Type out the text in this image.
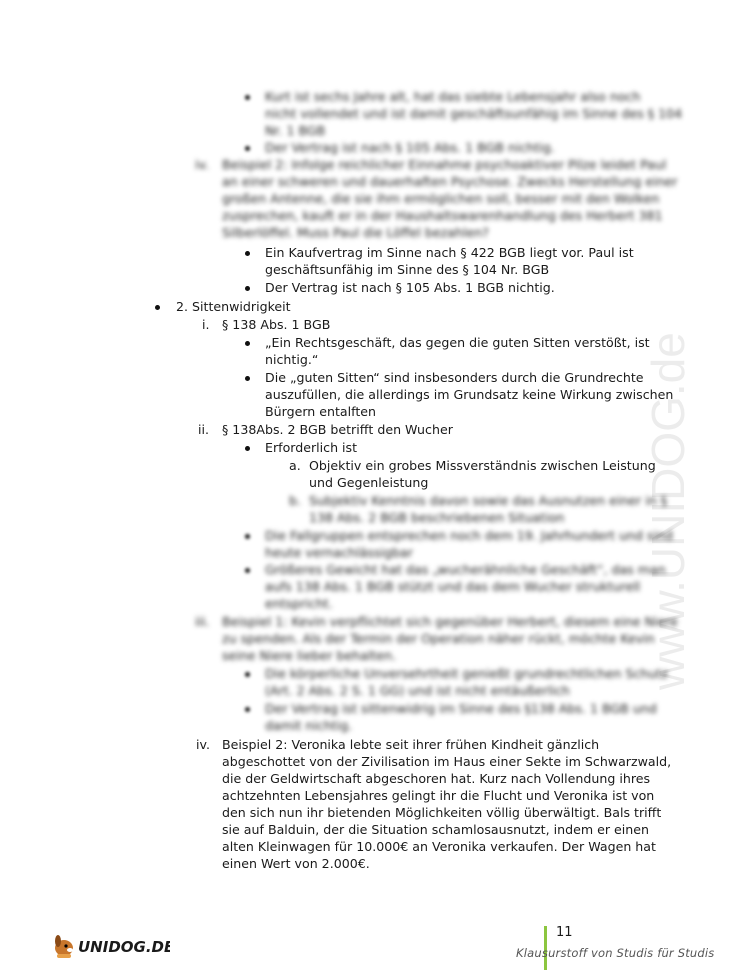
www.UNIDOG.de
Kurt ist sechs Jahre alt, hat das siebte Lebensjahr also noch
nicht vollendet und ist damit geschäftsunfähig im Sinne des § 104
Nr. 1 BGB
Der Vertrag ist nach § 105 Abs. 1 BGB nichtig.
iv. Beispiel 2: Infolge reichlicher Einnahme psychoaktiver Pilze leidet Paul
an einer schweren und dauerhaften Psychose. Zwecks Herstellung einer
großen Antenne, die sie ihm ermöglichen soll, besser mit den Wolken
zusprechen, kauft er in der Haushaltswarenhandlung des Herbert 381
Silberlöffel. Muss Paul die Löffel bezahlen?
Ein Kaufvertrag im Sinne nach § 422 BGB liegt vor. Paul ist
geschäftsunfähig im Sinne des § 104 Nr. BGB
Der Vertrag ist nach § 105 Abs. 1 BGB nichtig.
2. Sittenwidrigkeit
i. § 138 Abs. 1 BGB
„Ein Rechtsgeschäft, das gegen die guten Sitten verstößt, ist
nichtig.“
Die „guten Sitten“ sind insbesonders durch die Grundrechte
auszufüllen, die allerdings im Grundsatz keine Wirkung zwischen
Bürgern entalften
ii. § 138Abs. 2 BGB betrifft den Wucher
Erforderlich ist
a. Objektiv ein grobes Missverständnis zwischen Leistung
und Gegenleistung
b. Subjektiv Kenntnis davon sowie das Ausnutzen einer in §
138 Abs. 2 BGB beschriebenen Situation
Die Fallgruppen entsprechen noch dem 19. Jahrhundert und sind
heute vernachlässigbar
Größeres Gewicht hat das „wucherähnliche Geschäft“, das man
aufs 138 Abs. 1 BGB stützt und das dem Wucher strukturell
entspricht.
iii. Beispiel 1: Kevin verpflichtet sich gegenüber Herbert, diesem eine Niere
zu spenden. Als der Termin der Operation näher rückt, möchte Kevin
seine Niere lieber behalten.
Die körperliche Unversehrtheit genießt grundrechtlichen Schutz
(Art. 2 Abs. 2 S. 1 GG) und ist nicht entäußerlich
Der Vertrag ist sittenwidrig im Sinne des §138 Abs. 1 BGB und
damit nichtig.
iv. Beispiel 2: Veronika lebte seit ihrer frühen Kindheit gänzlich
abgeschottet von der Zivilisation im Haus einer Sekte im Schwarzwald,
die der Geldwirtschaft abgeschoren hat. Kurz nach Vollendung ihres
achtzehnten Lebensjahres gelingt ihr die Flucht und Veronika ist von
den sich nun ihr bietenden Möglichkeiten völlig überwältigt. Bals trifft
sie auf Balduin, der die Situation schamlosausnutzt, indem er einen
alten Kleinwagen für 10.000€ an Veronika verkaufen. Der Wagen hat
einen Wert von 2.000€.
UNIDOG.DE
11
Klausurstoff von Studis für Studis
